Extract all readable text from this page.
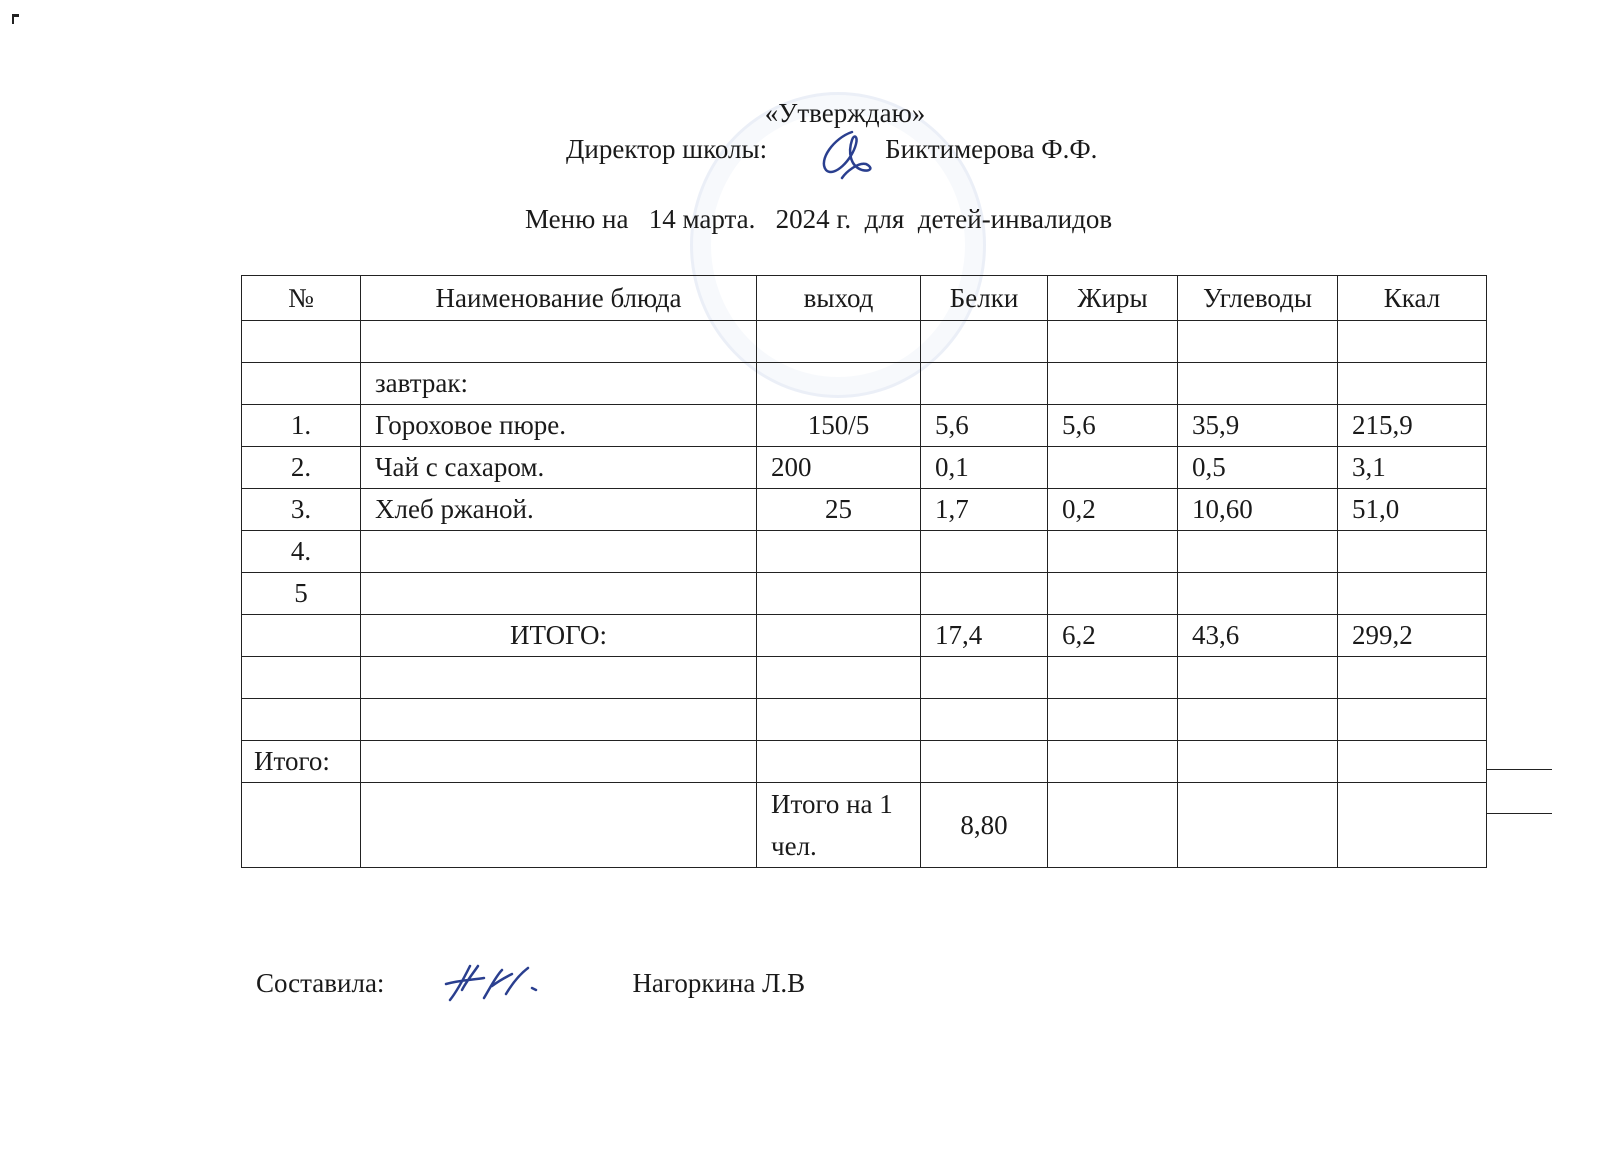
«Утверждаю»
Директор школы:	Биктимерова Ф.Ф.
Меню на   14 марта.   2024 г.  для  детей-инвалидов
№	Наименование блюда	выход	Белки	Жиры	Углеводы	Ккал

	завтрак:					
1.	Гороховое пюре.	150/5	5,6	5,6	35,9	215,9
2.	Чай с сахаром.	200	0,1		0,5	3,1
3.	Хлеб ржаной.	25	1,7	0,2	10,60	51,0
4.						
5						
	ИТОГО:		17,4	6,2	43,6	299,2

Итого:						
		Итого на 1 чел.	8,80			
Составила:	Нагоркина Л.В
